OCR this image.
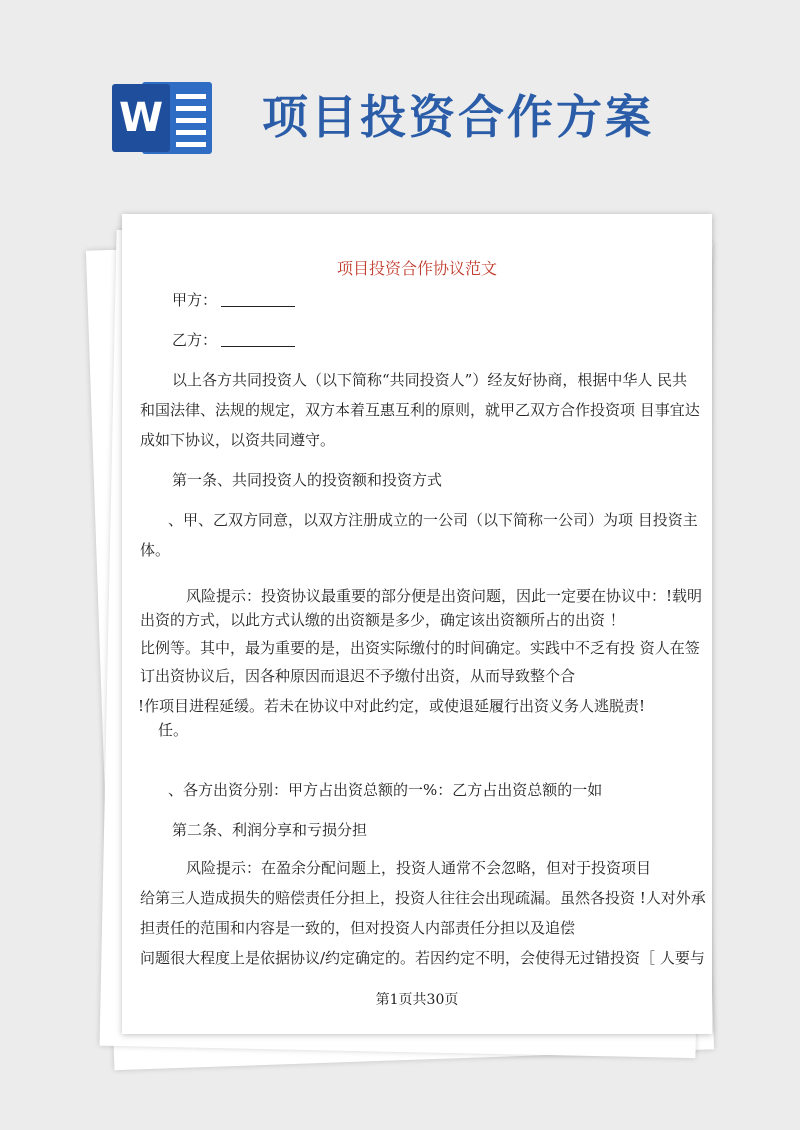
W 项目投资合作方案
项目投资合作协议范文
甲方：
乙方：
以上各方共同投资人（以下简称“共同投资人”）经友好协商，根据中华人 民共
和国法律、法规的规定，双方本着互惠互利的原则，就甲乙双方合作投资项 目事宜达
成如下协议，以资共同遵守。
第一条、共同投资人的投资额和投资方式
、甲、乙双方同意，以双方注册成立的一公司（以下简称一公司）为项 目投资主
体。
风险提示：投资协议最重要的部分便是出资问题，因此一定要在协议中：!载明
出资的方式，以此方式认缴的出资额是多少，确定该出资额所占的出资 ！
比例等。其中，最为重要的是，出资实际缴付的时间确定。实践中不乏有投 资人在签
订出资协议后，因各种原因而退迟不予缴付出资，从而导致整个合
!作项目进程延缓。若未在协议中对此约定，或使退延履行出资义务人逃脱责!
任。
、各方出资分别：甲方占出资总额的一%：乙方占出资总额的一如
第二条、利润分享和亏损分担
风险提示：在盈余分配问题上，投资人通常不会忽略，但对于投资项目
给第三人造成损失的赔偿责任分担上，投资人往往会出现疏漏。虽然各投资 !人对外承
担责任的范围和内容是一致的，但对投资人内部责任分担以及追偿
问题很大程度上是依据协议/约定确定的。若因约定不明，会使得无过错投资［ 人要与
第1页共30页
